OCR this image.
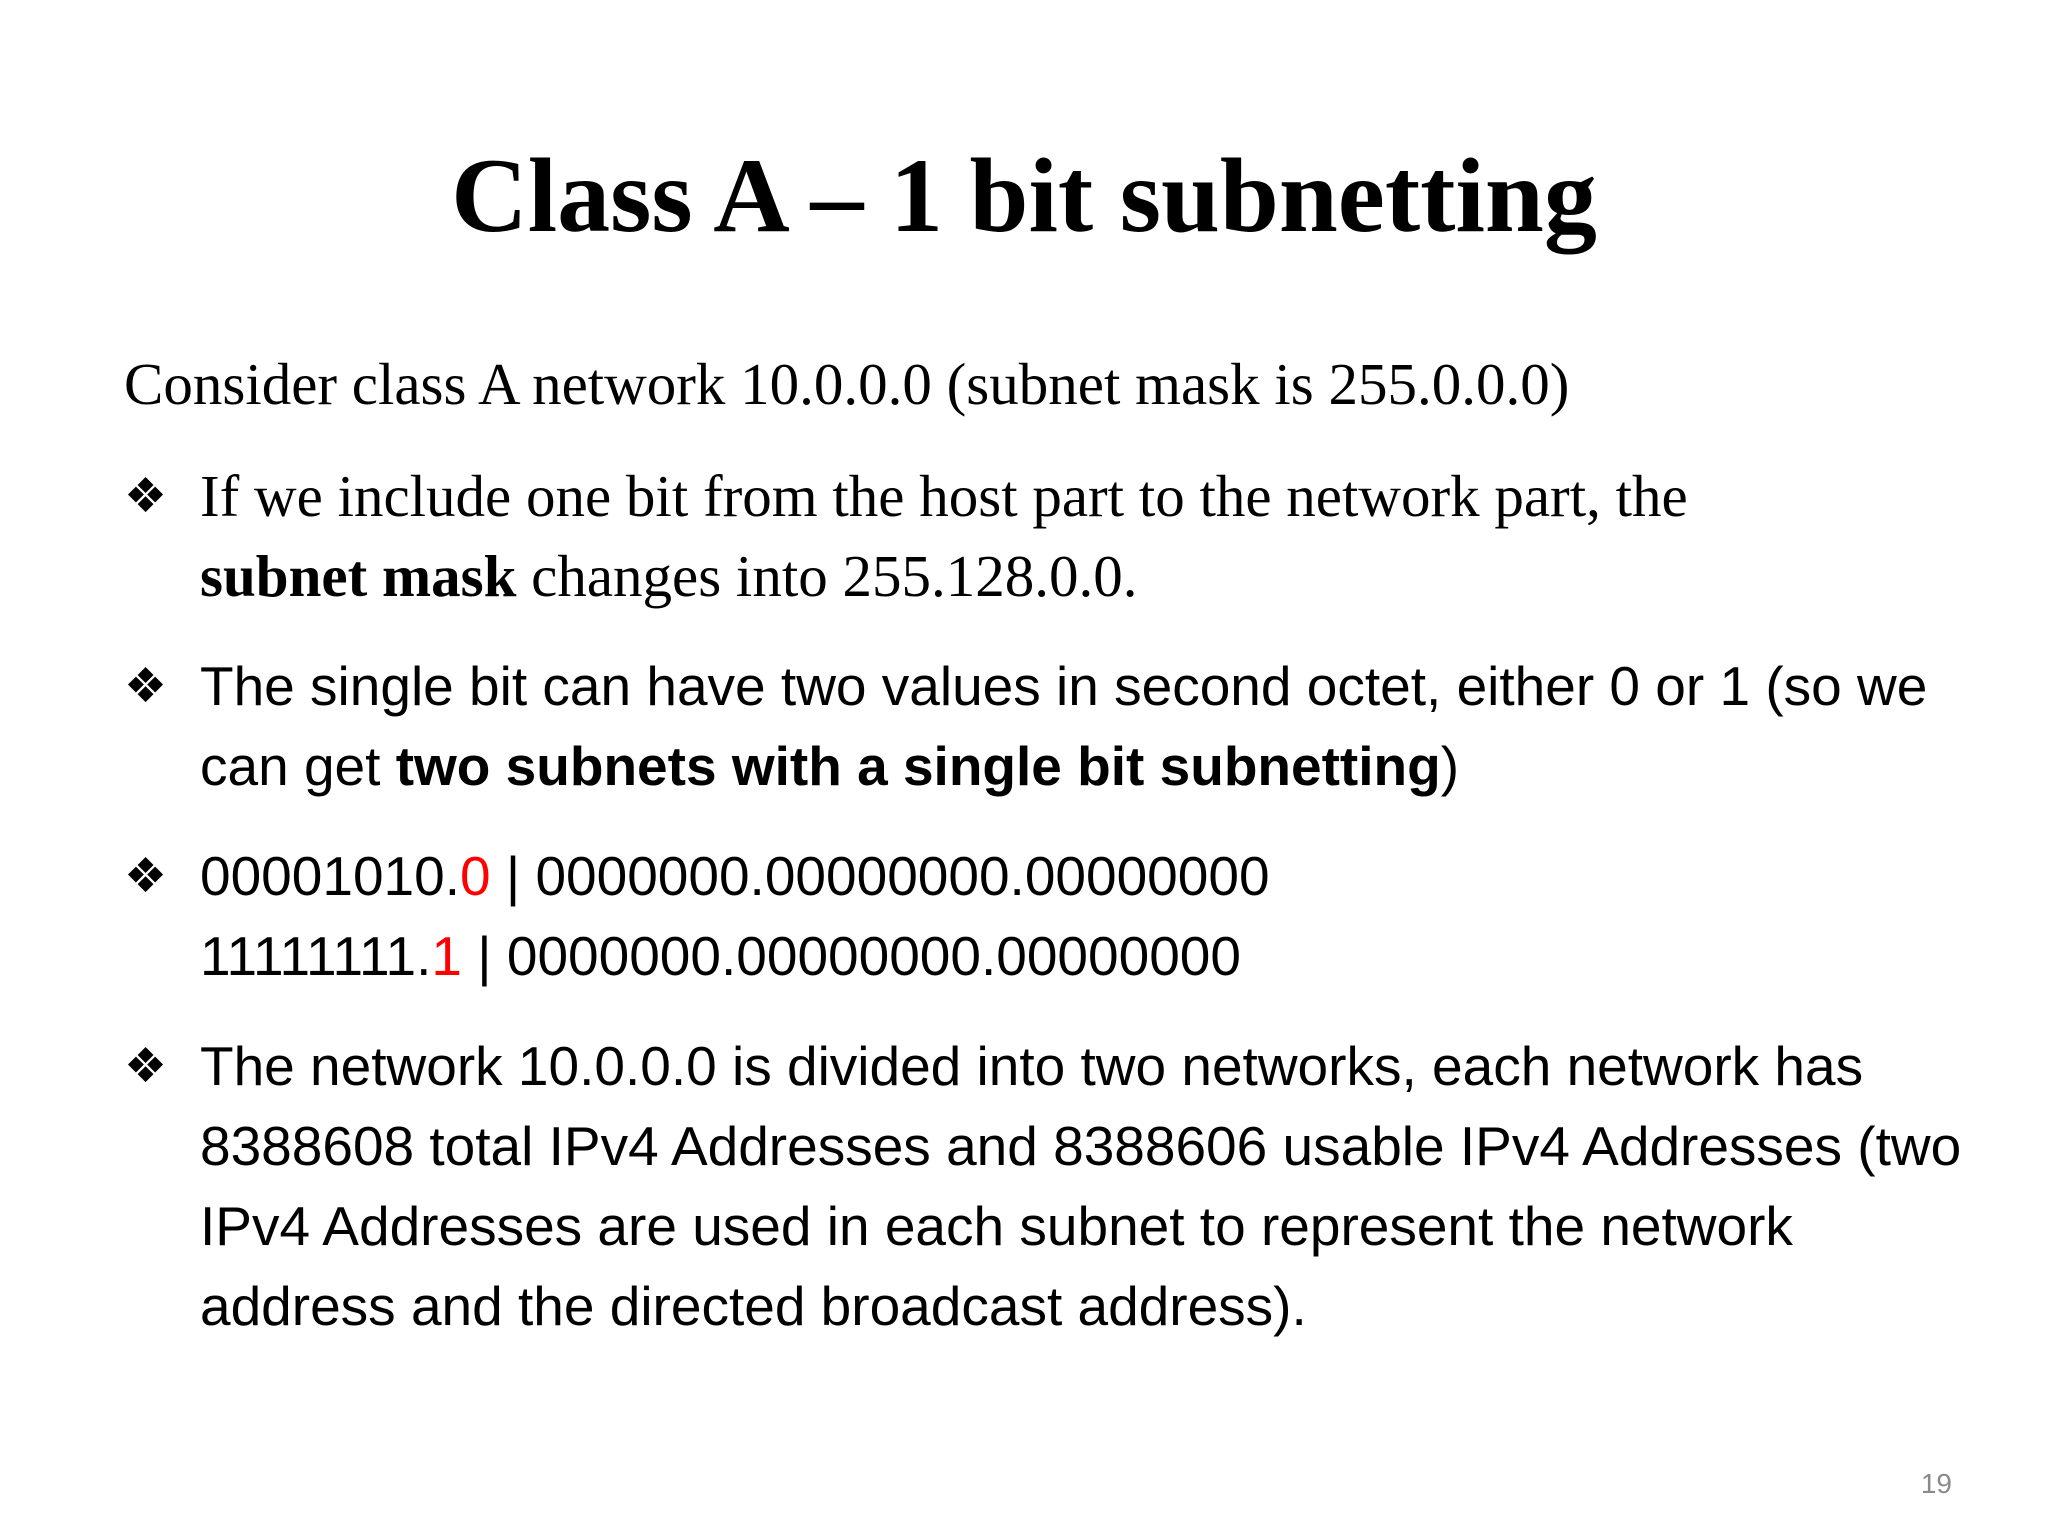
Class A – 1 bit subnetting
Consider class A network 10.0.0.0 (subnet mask is 255.0.0.0)
❖ If we include one bit from the host part to the network part, the
subnet mask changes into 255.128.0.0.
❖ The single bit can have two values in second octet, either 0 or 1 (so we can get two subnets with a single bit subnetting)
❖ 00001010.0 | 0000000.00000000.00000000
11111111.1 | 0000000.00000000.00000000
❖ The network 10.0.0.0 is divided into two networks, each network has 8388608 total IPv4 Addresses and 8388606 usable IPv4 Addresses (two IPv4 Addresses are used in each subnet to represent the network address and the directed broadcast address).
19
